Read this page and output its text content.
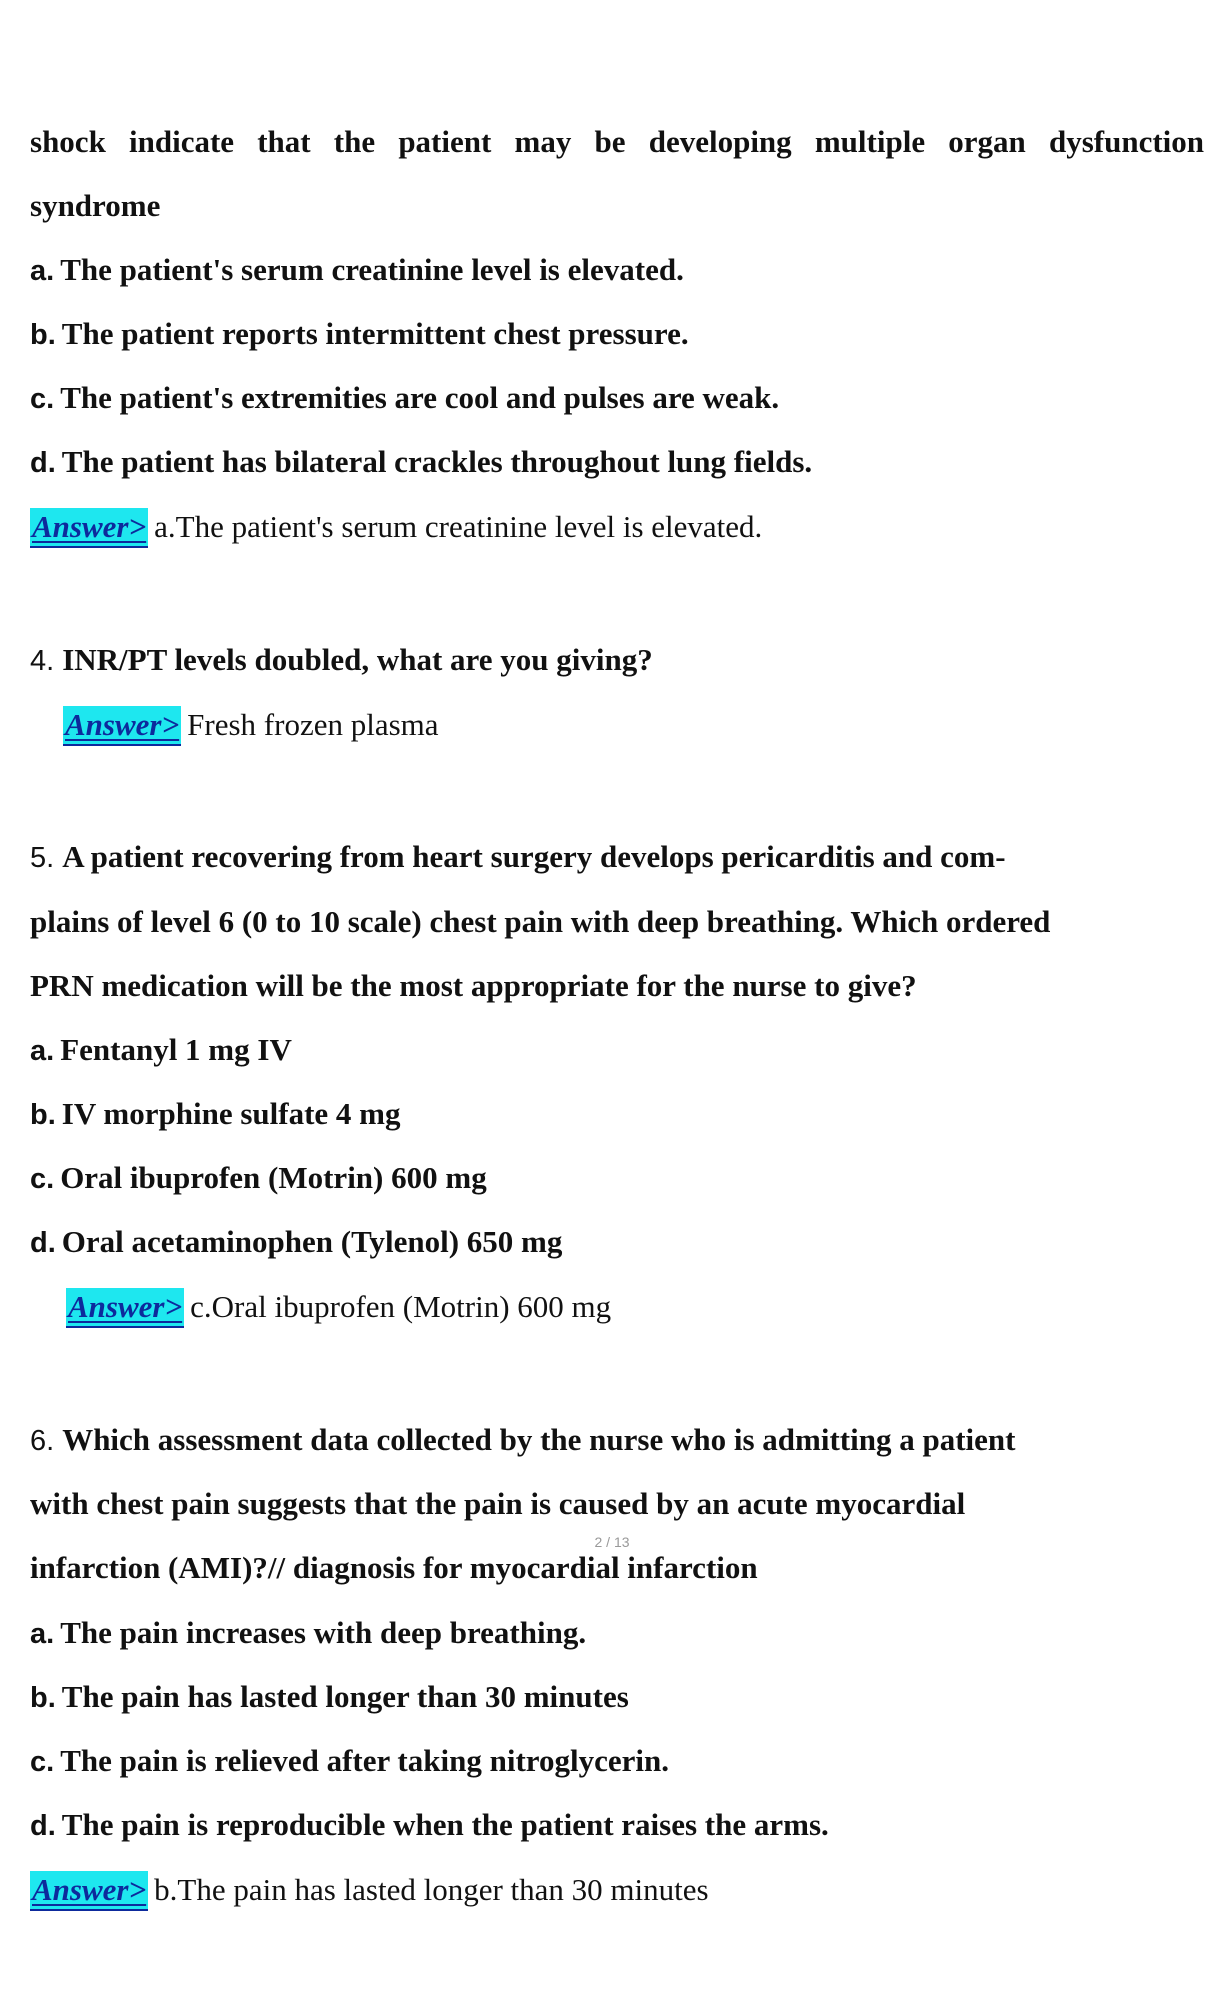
shock indicate that the patient may be developing multiple organ dysfunction
syndrome
a. The patient's serum creatinine level is elevated.
b. The patient reports intermittent chest pressure.
c. The patient's extremities are cool and pulses are weak.
d. The patient has bilateral crackles throughout lung fields.
Answer> a.The patient's serum creatinine level is elevated.
4. INR/PT levels doubled, what are you giving?
Answer> Fresh frozen plasma
5. A patient recovering from heart surgery develops pericarditis and com-
plains of level 6 (0 to 10 scale) chest pain with deep breathing. Which ordered
PRN medication will be the most appropriate for the nurse to give?
a. Fentanyl 1 mg IV
b. IV morphine sulfate 4 mg
c. Oral ibuprofen (Motrin) 600 mg
d. Oral acetaminophen (Tylenol) 650 mg
Answer> c.Oral ibuprofen (Motrin) 600 mg
6. Which assessment data collected by the nurse who is admitting a patient
with chest pain suggests that the pain is caused by an acute myocardial
2 / 13
infarction (AMI)?// diagnosis for myocardial infarction
a. The pain increases with deep breathing.
b. The pain has lasted longer than 30 minutes
c. The pain is relieved after taking nitroglycerin.
d. The pain is reproducible when the patient raises the arms.
Answer> b.The pain has lasted longer than 30 minutes
